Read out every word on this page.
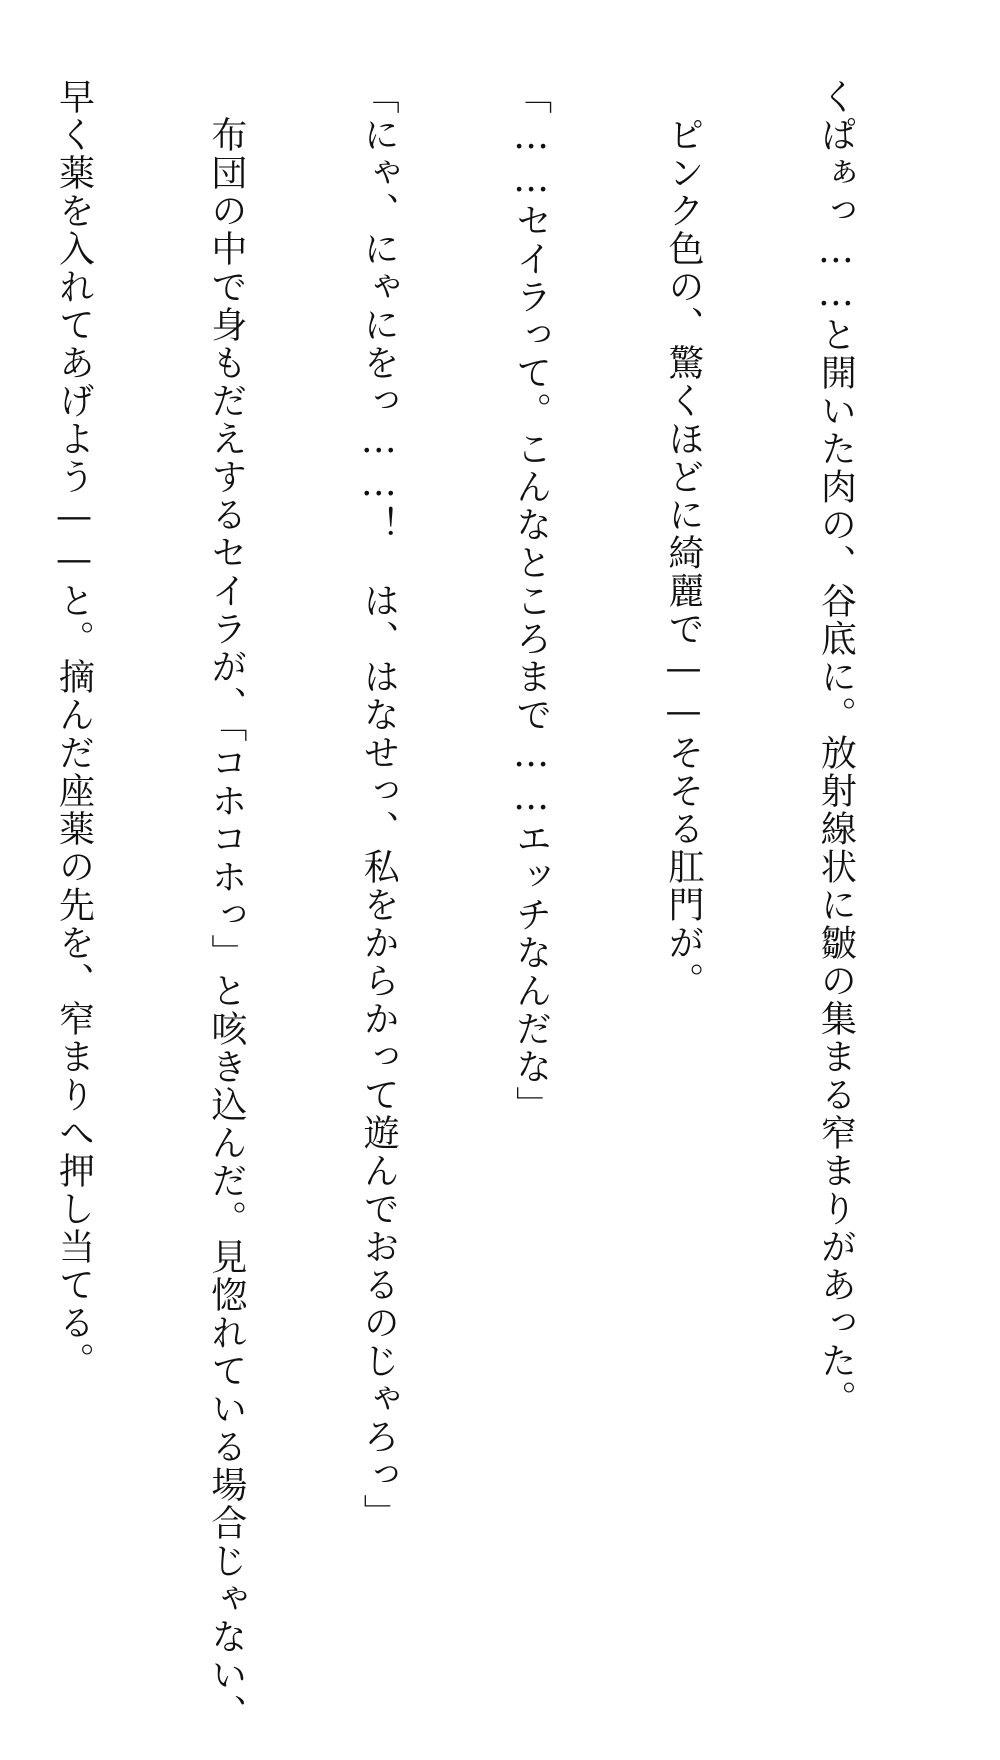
くぱぁっ……と開いた肉の、谷底に。放射線状に皺の集まる窄まりがあった。

　ピンク色の、驚くほどに綺麗で——そそる肛門が。

「……セイラって。こんなところまで……エッチなんだな」

「にゃ、にゃにをっ……！　は、はなせっ、私をからかって遊んでおるのじゃろっ」

　布団の中で身もだえするセイラが、「コホコホっ」と咳き込んだ。見惚れている場合じゃない、

早く薬を入れてあげよう——と。摘んだ座薬の先を、窄まりへ押し当てる。
